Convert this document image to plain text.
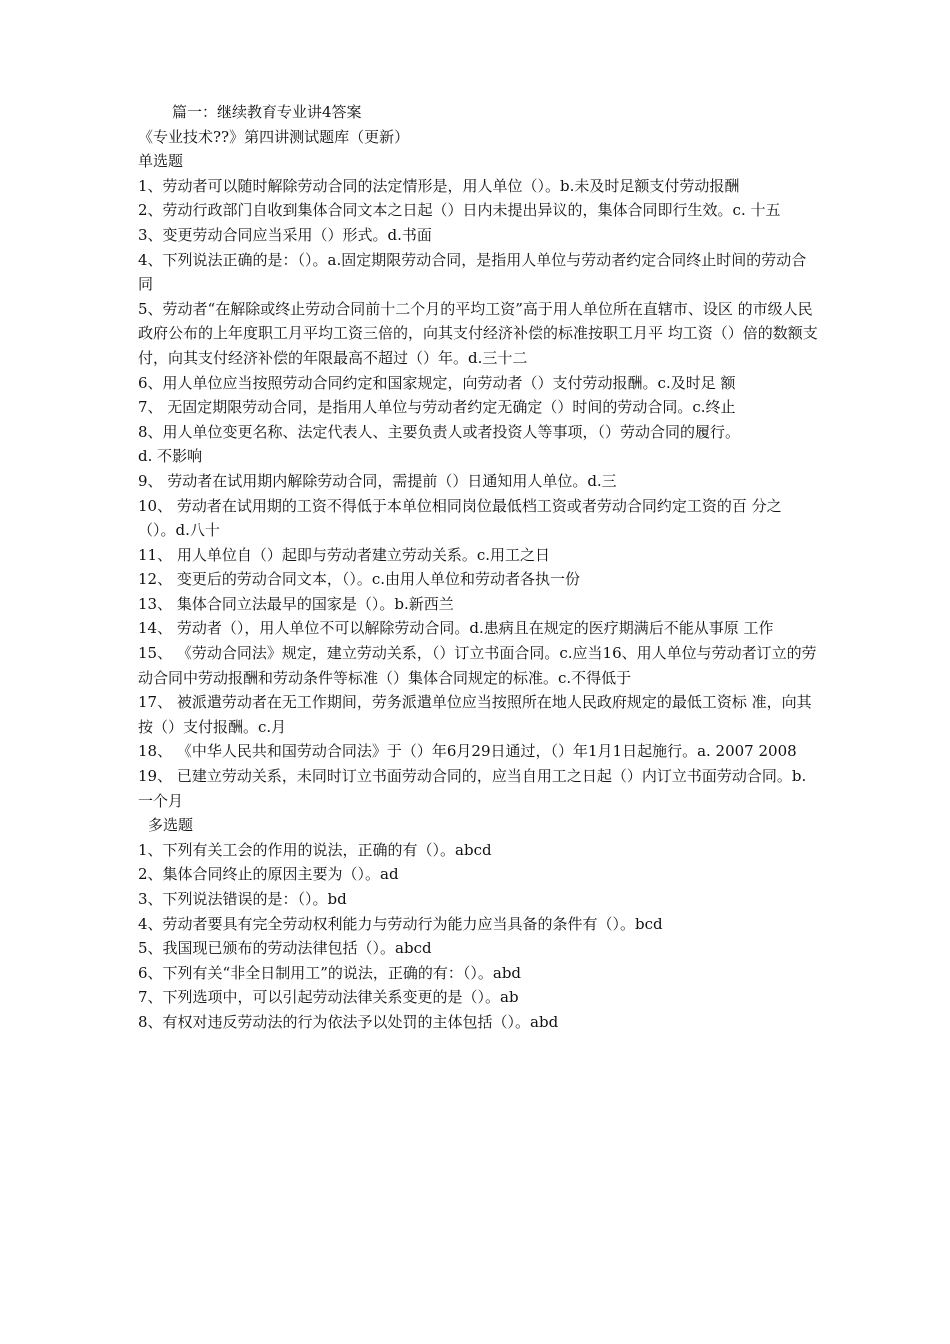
篇一：继续教育专业讲4答案
《专业技术??》第四讲测试题库（更新）
单选题
1、劳动者可以随时解除劳动合同的法定情形是，用人单位（）。b.未及时足额支付劳动报酬
2、劳动行政部门自收到集体合同文本之日起（）日内未提出异议的，集体合同即行生效。c. 十五
3、变更劳动合同应当采用（）形式。d.书面
4、下列说法正确的是：（）。a.固定期限劳动合同，是指用人单位与劳动者约定合同终止时间的劳动合同
5、劳动者“在解除或终止劳动合同前十二个月的平均工资”高于用人单位所在直辖市、设区 的市级人民政府公布的上年度职工月平均工资三倍的，向其支付经济补偿的标准按职工月平 均工资（）倍的数额支付，向其支付经济补偿的年限最高不超过（）年。d.三十二
6、用人单位应当按照劳动合同约定和国家规定，向劳动者（）支付劳动报酬。c.及时足 额
7、 无固定期限劳动合同，是指用人单位与劳动者约定无确定（）时间的劳动合同。c.终止
8、用人单位变更名称、法定代表人、主要负责人或者投资人等事项，（）劳动合同的履行。
d. 不影响
9、 劳动者在试用期内解除劳动合同，需提前（）日通知用人单位。d.三
10、 劳动者在试用期的工资不得低于本单位相同岗位最低档工资或者劳动合同约定工资的百 分之（）。d.八十
11、 用人单位自（）起即与劳动者建立劳动关系。c.用工之日
12、 变更后的劳动合同文本，（）。c.由用人单位和劳动者各执一份
13、 集体合同立法最早的国家是（）。b.新西兰
14、 劳动者（），用人单位不可以解除劳动合同。d.患病且在规定的医疗期满后不能从事原 工作
15、 《劳动合同法》规定，建立劳动关系，（）订立书面合同。c.应当16、用人单位与劳动者订立的劳动合同中劳动报酬和劳动条件等标准（）集体合同规定的标准。c.不得低于
17、 被派遣劳动者在无工作期间，劳务派遣单位应当按照所在地人民政府规定的最低工资标 准，向其按（）支付报酬。c.月
18、 《中华人民共和国劳动合同法》于（）年6月29日通过，（）年1月1日起施行。a. 2007 2008
19、 已建立劳动关系，未同时订立书面劳动合同的，应当自用工之日起（）内订立书面劳动合同。b. 一个月
多选题
1、下列有关工会的作用的说法，正确的有（）。abcd
2、集体合同终止的原因主要为（）。ad
3、下列说法错误的是：（）。bd
4、劳动者要具有完全劳动权利能力与劳动行为能力应当具备的条件有（）。bcd
5、我国现已颁布的劳动法律包括（）。abcd
6、下列有关“非全日制用工”的说法，正确的有：（）。abd
7、下列选项中，可以引起劳动法律关系变更的是（）。ab
8、有权对违反劳动法的行为依法予以处罚的主体包括（）。abd
